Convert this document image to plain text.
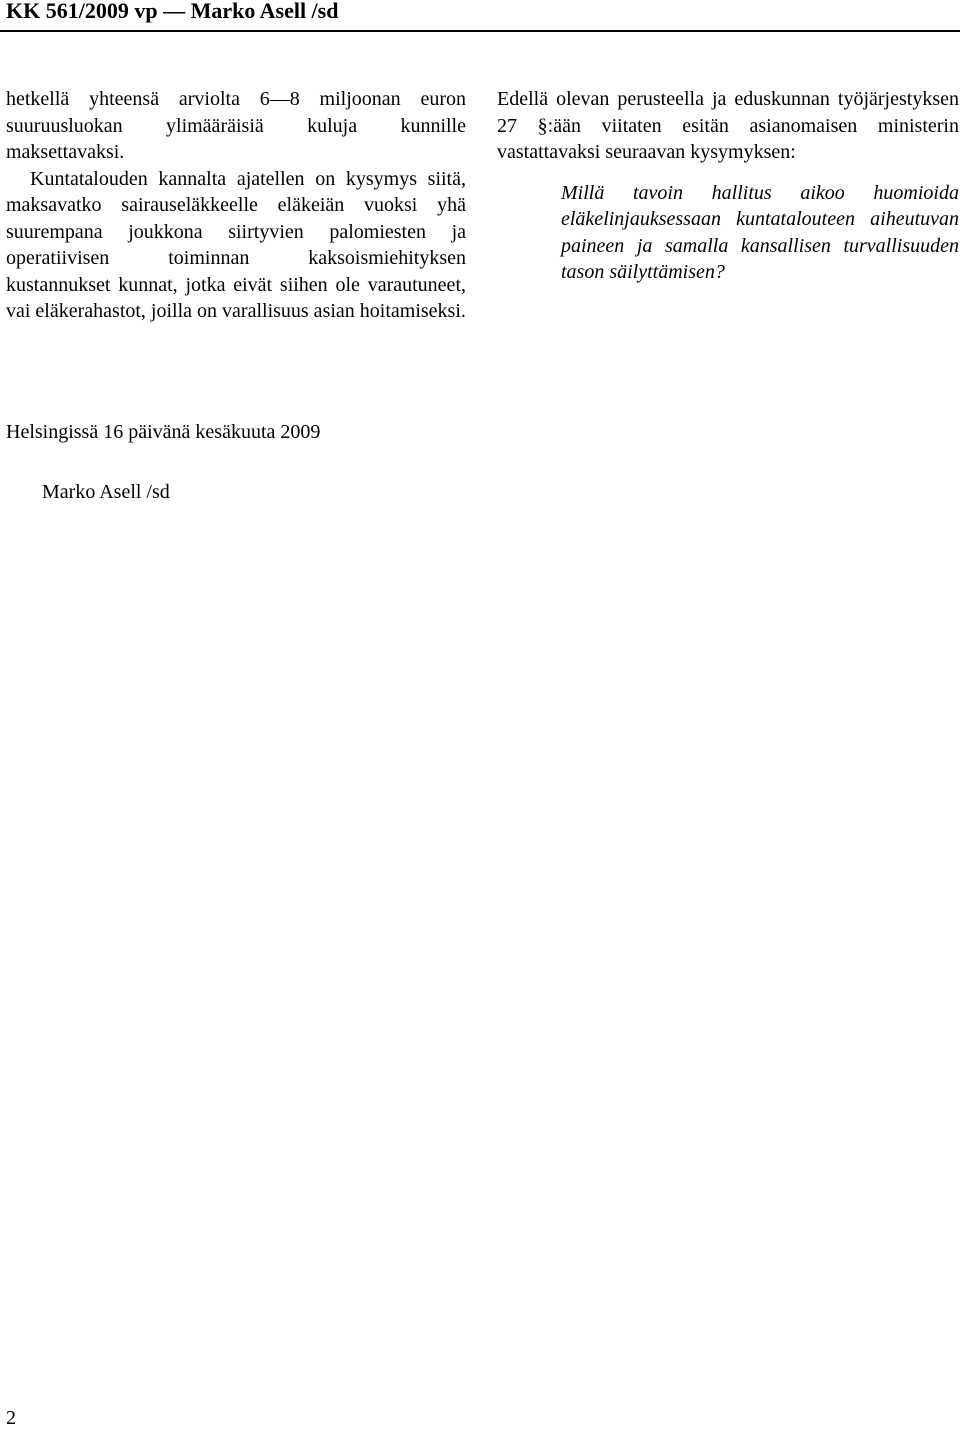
KK 561/2009 vp — Marko Asell /sd

hetkellä yhteensä arviolta 6—8 miljoonan euron suuruusluokan ylimääräisiä kuluja kunnille maksettavaksi.

Kuntatalouden kannalta ajatellen on kysymys siitä, maksavatko sairauseläkkeelle eläkeiän vuoksi yhä suurempana joukkona siirtyvien palomiesten ja operatiivisen toiminnan kaksoismiehityksen kustannukset kunnat, jotka eivät siihen ole varautuneet, vai eläkerahastot, joilla on varallisuus asian hoitamiseksi.

Edellä olevan perusteella ja eduskunnan työjärjestyksen 27 §:ään viitaten esitän asianomaisen ministerin vastattavaksi seuraavan kysymyksen:

Millä tavoin hallitus aikoo huomioida eläkelinjauksessaan kuntatalouteen aiheutuvan paineen ja samalla kansallisen turvallisuuden tason säilyttämisen?

Helsingissä 16 päivänä kesäkuuta 2009
Marko Asell /sd
2
